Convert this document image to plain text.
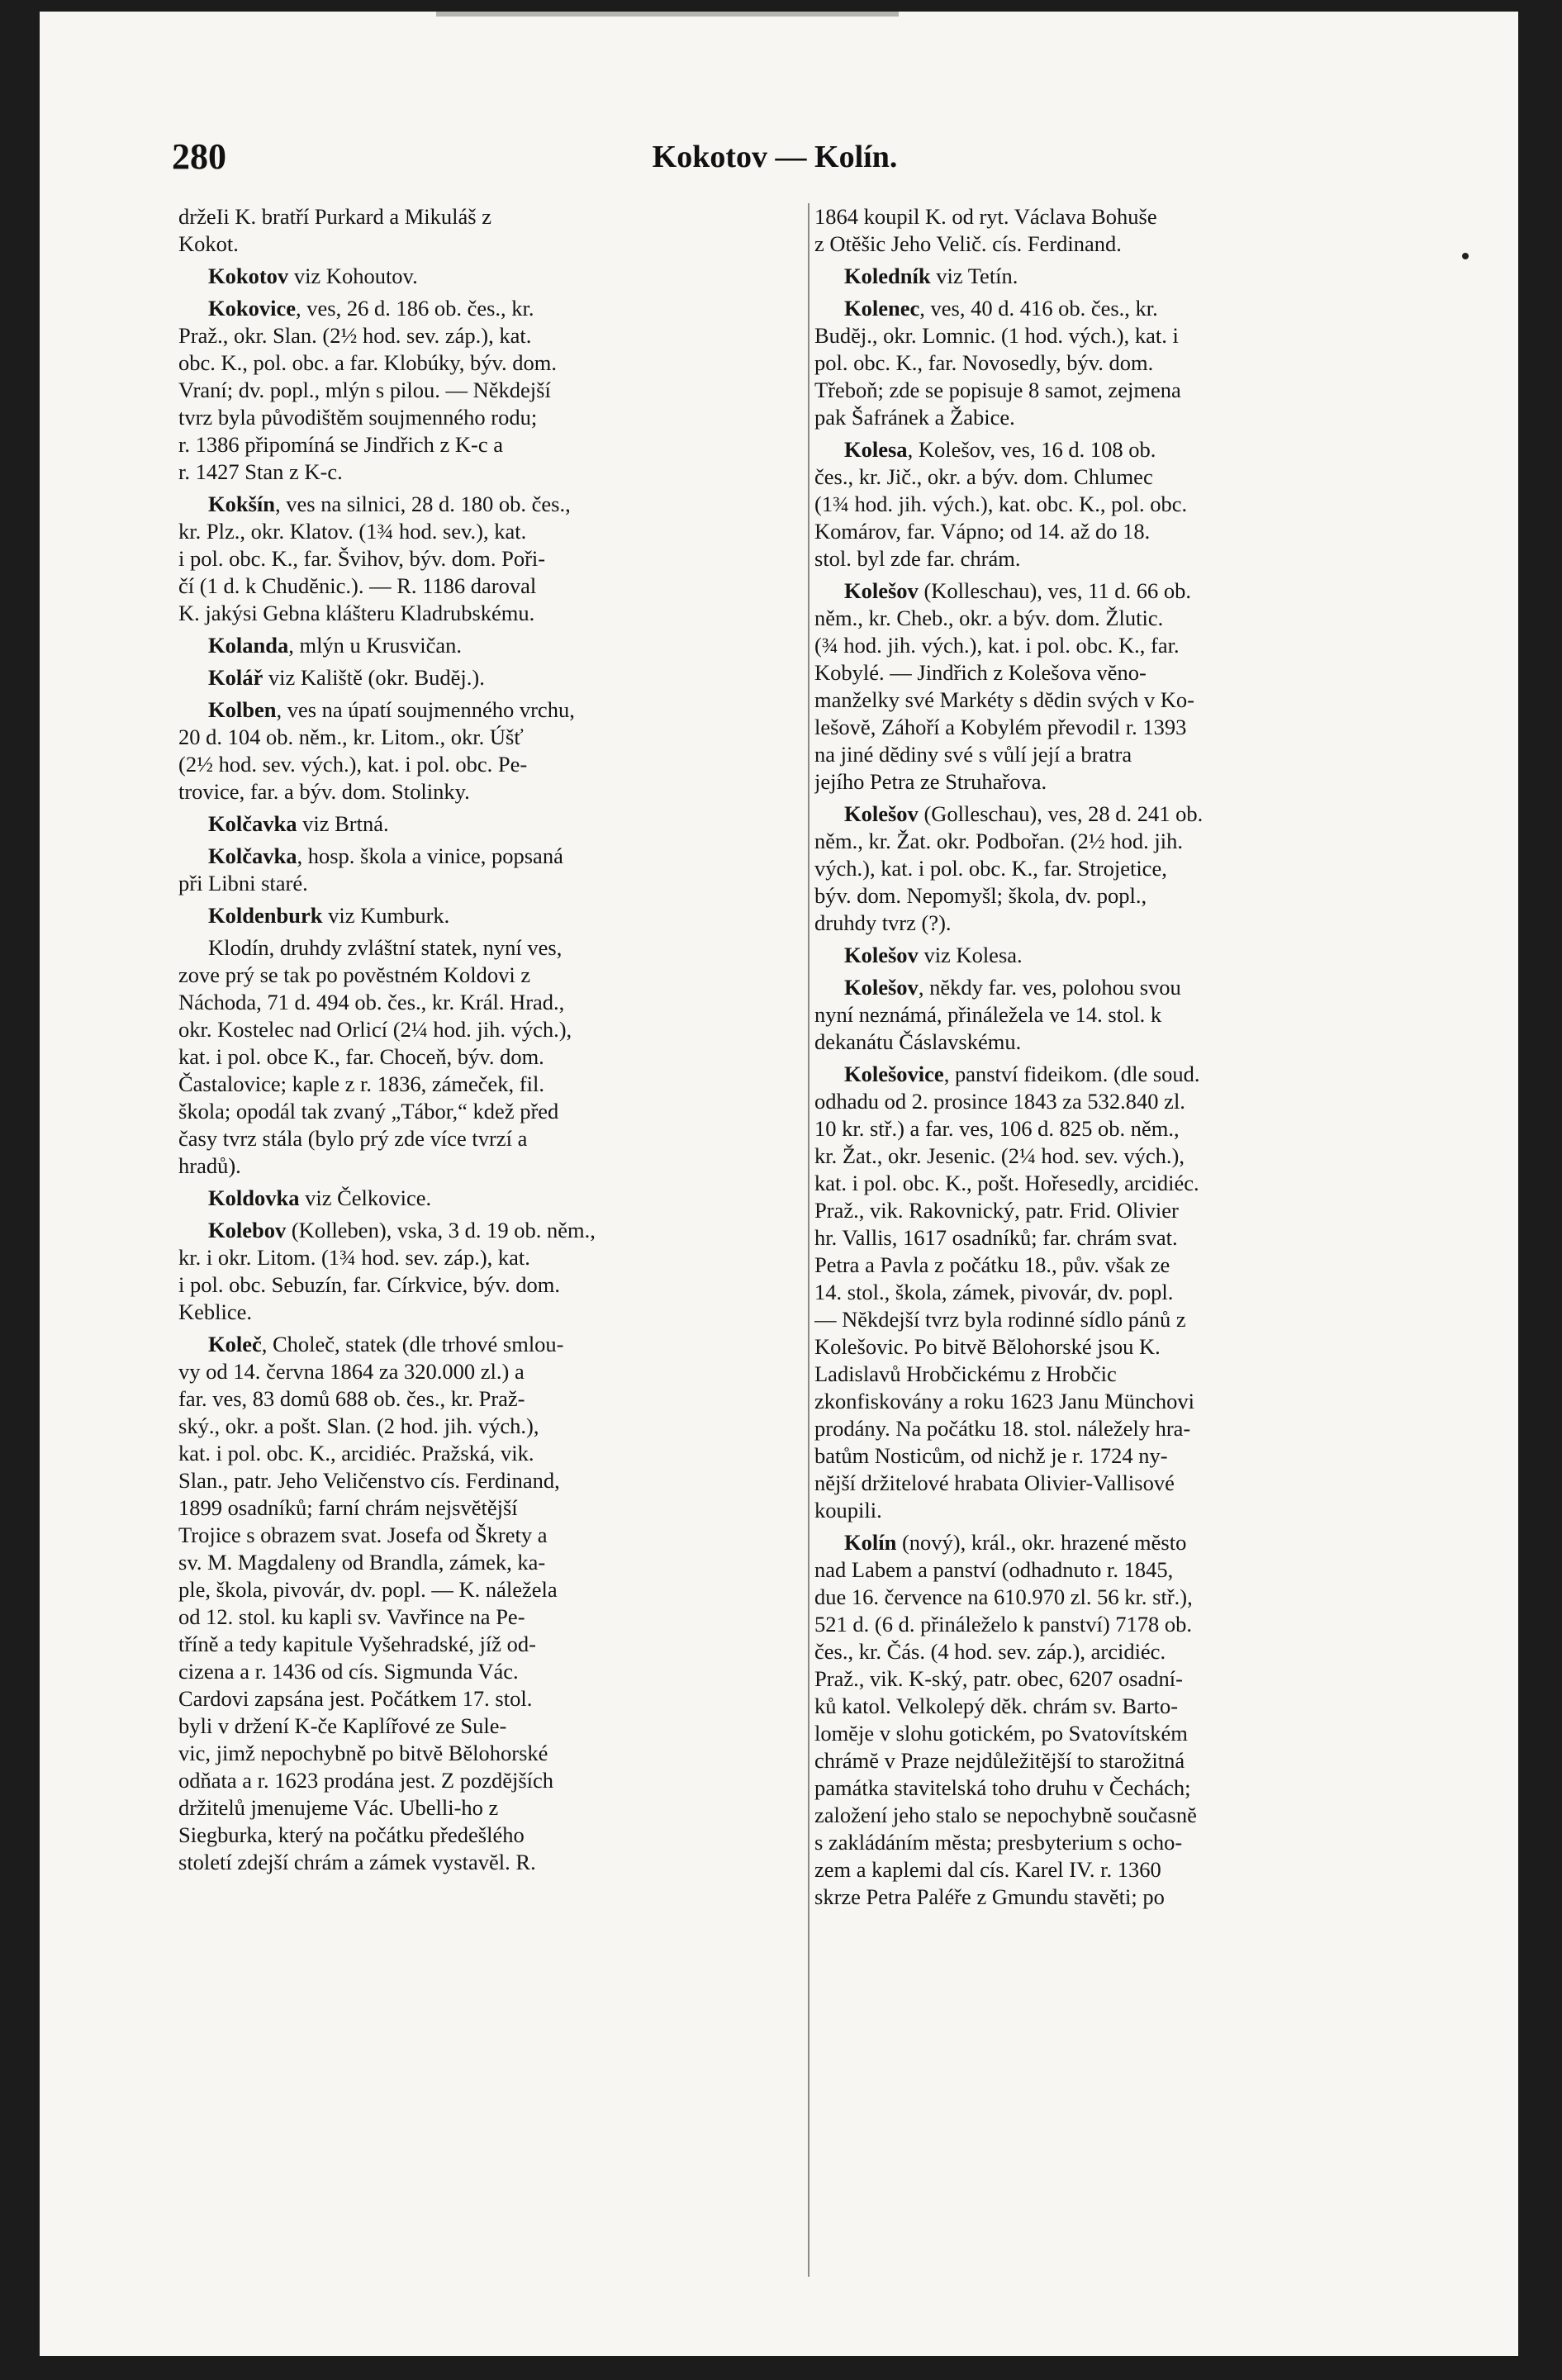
280	Kokotov — Kolín.
držeIi K. bratří Purkard a Mikuláš z
Kokot.
Kokotov viz Kohoutov.
Kokovice, ves, 26 d. 186 ob. čes., kr.
Praž., okr. Slan. (2½ hod. sev. záp.), kat.
obc. K., pol. obc. a far. Klobúky, býv. dom.
Vraní; dv. popl., mlýn s pilou. — Někdejší
tvrz byla původištěm soujmenného rodu;
r. 1386 připomíná se Jindřich z K-c a
r. 1427 Stan z K-c.
Kokšín, ves na silnici, 28 d. 180 ob. čes.,
kr. Plz., okr. Klatov. (1¾ hod. sev.), kat.
i pol. obc. K., far. Švihov, býv. dom. Poři-
čí (1 d. k Chudĕnic.). — R. 1186 daroval
K. jakýsi Gebna klášteru Kladrubskému.
Kolanda, mlýn u Krusvičan.
Kolář viz Kaliště (okr. Budĕj.).
Kolben, ves na úpatí soujmenného vrchu,
20 d. 104 ob. něm., kr. Litom., okr. Úšť
(2½ hod. sev. vých.), kat. i pol. obc. Pe-
trovice, far. a býv. dom. Stolinky.
Kolčavka viz Brtná.
Kolčavka, hosp. škola a vinice, popsaná
při Libni staré.
Koldenburk viz Kumburk.
Klodín, druhdy zvláštní statek, nyní ves,
zove prý se tak po povĕstném Koldovi z
Náchoda, 71 d. 494 ob. čes., kr. Král. Hrad.,
okr. Kostelec nad Orlicí (2¼ hod. jih. vých.),
kat. i pol. obce K., far. Choceň, býv. dom.
Častalovice; kaple z r. 1836, zámeček, fil.
škola; opodál tak zvaný „Tábor,“ kdež před
časy tvrz stála (bylo prý zde více tvrzí a
hradů).
Koldovka viz Čelkovice.
Kolebov (Kolleben), vska, 3 d. 19 ob. něm.,
kr. i okr. Litom. (1¾ hod. sev. záp.), kat.
i pol. obc. Sebuzín, far. Církvice, býv. dom.
Keblice.
Koleč, Choleč, statek (dle trhové smlou-
vy od 14. června 1864 za 320.000 zl.) a
far. ves, 83 domů 688 ob. čes., kr. Praž-
ský., okr. a pošt. Slan. (2 hod. jih. vých.),
kat. i pol. obc. K., arcidiéc. Pražská, vik.
Slan., patr. Jeho Veličenstvo cís. Ferdinand,
1899 osadníků; farní chrám nejsvĕtější
Trojice s obrazem svat. Josefa od Škrety a
sv. M. Magdaleny od Brandla, zámek, ka-
ple, škola, pivovár, dv. popl. — K. náležela
od 12. stol. ku kapli sv. Vavřince na Pe-
tříně a tedy kapitule Vyšehradské, jíž od-
cizena a r. 1436 od cís. Sigmunda Vác.
Cardovi zapsána jest. Počátkem 17. stol.
byli v držení K-če Kaplířové ze Sule-
vic, jimž nepochybně po bitvĕ Bĕlohorské
odňata a r. 1623 prodána jest. Z pozdĕjších
držitelů jmenujeme Vác. Ubelli-ho z
Siegburka, který na počátku předešlého
století zdejší chrám a zámek vystavĕl. R.
1864 koupil K. od ryt. Václava Bohuše
z Otĕšic Jeho Velič. cís. Ferdinand.
Koledník viz Tetín.
Kolenec, ves, 40 d. 416 ob. čes., kr.
Budĕj., okr. Lomnic. (1 hod. vých.), kat. i
pol. obc. K., far. Novosedly, býv. dom.
Třeboň; zde se popisuje 8 samot, zejmena
pak Šafránek a Žabice.
Kolesa, Kolešov, ves, 16 d. 108 ob.
čes., kr. Jič., okr. a býv. dom. Chlumec
(1¾ hod. jih. vých.), kat. obc. K., pol. obc.
Komárov, far. Vápno; od 14. až do 18.
stol. byl zde far. chrám.
Kolešov (Kolleschau), ves, 11 d. 66 ob.
něm., kr. Cheb., okr. a býv. dom. Žlutic.
(¾ hod. jih. vých.), kat. i pol. obc. K., far.
Kobylé. — Jindřich z Kolešova vĕno-
manželky své Markéty s dĕdin svých v Ko-
lešovĕ, Záhoří a Kobylém převodil r. 1393
na jiné dĕdiny své s vůlí její a bratra
jejího Petra ze Struhařova.
Kolešov (Golleschau), ves, 28 d. 241 ob.
něm., kr. Žat. okr. Podbořan. (2½ hod. jih.
vých.), kat. i pol. obc. K., far. Strojetice,
býv. dom. Nepomyšl; škola, dv. popl.,
druhdy tvrz (?).
Kolešov viz Kolesa.
Kolešov, nĕkdy far. ves, polohou svou
nyní neznámá, přináležela ve 14. stol. k
dekanátu Čáslavskému.
Kolešovice, panství fideikom. (dle soud.
odhadu od 2. prosince 1843 za 532.840 zl.
10 kr. stř.) a far. ves, 106 d. 825 ob. něm.,
kr. Žat., okr. Jesenic. (2¼ hod. sev. vých.),
kat. i pol. obc. K., pošt. Hořesedly, arcidiéc.
Praž., vik. Rakovnický, patr. Frid. Olivier
hr. Vallis, 1617 osadníků; far. chrám svat.
Petra a Pavla z počátku 18., pův. však ze
14. stol., škola, zámek, pivovár, dv. popl.
— Nĕkdejší tvrz byla rodinné sídlo pánů z
Kolešovic. Po bitvĕ Bĕlohorské jsou K.
Ladislavů Hrobčickému z Hrobčic
zkonfiskovány a roku 1623 Janu Münchovi
prodány. Na počátku 18. stol. náležely hra-
batům Nosticům, od nichž je r. 1724 ny-
nĕjší držitelové hrabata Olivier-Vallisové
koupili.
Kolín (nový), král., okr. hrazené mĕsto
nad Labem a panství (odhadnuto r. 1845,
due 16. července na 610.970 zl. 56 kr. stř.),
521 d. (6 d. přináleželo k panství) 7178 ob.
čes., kr. Čás. (4 hod. sev. záp.), arcidiéc.
Praž., vik. K-ský, patr. obec, 6207 osadní-
ků katol. Velkolepý dĕk. chrám sv. Barto-
lomĕje v slohu gotickém, po Svatovítském
chrámĕ v Praze nejdůležitĕjší to starožitná
památka stavitelská toho druhu v Čechách;
založení jeho stalo se nepochybnĕ současnĕ
s zakládáním mĕsta; presbyterium s ocho-
zem a kaplemi dal cís. Karel IV. r. 1360
skrze Petra Paléře z Gmundu stavĕti; po
